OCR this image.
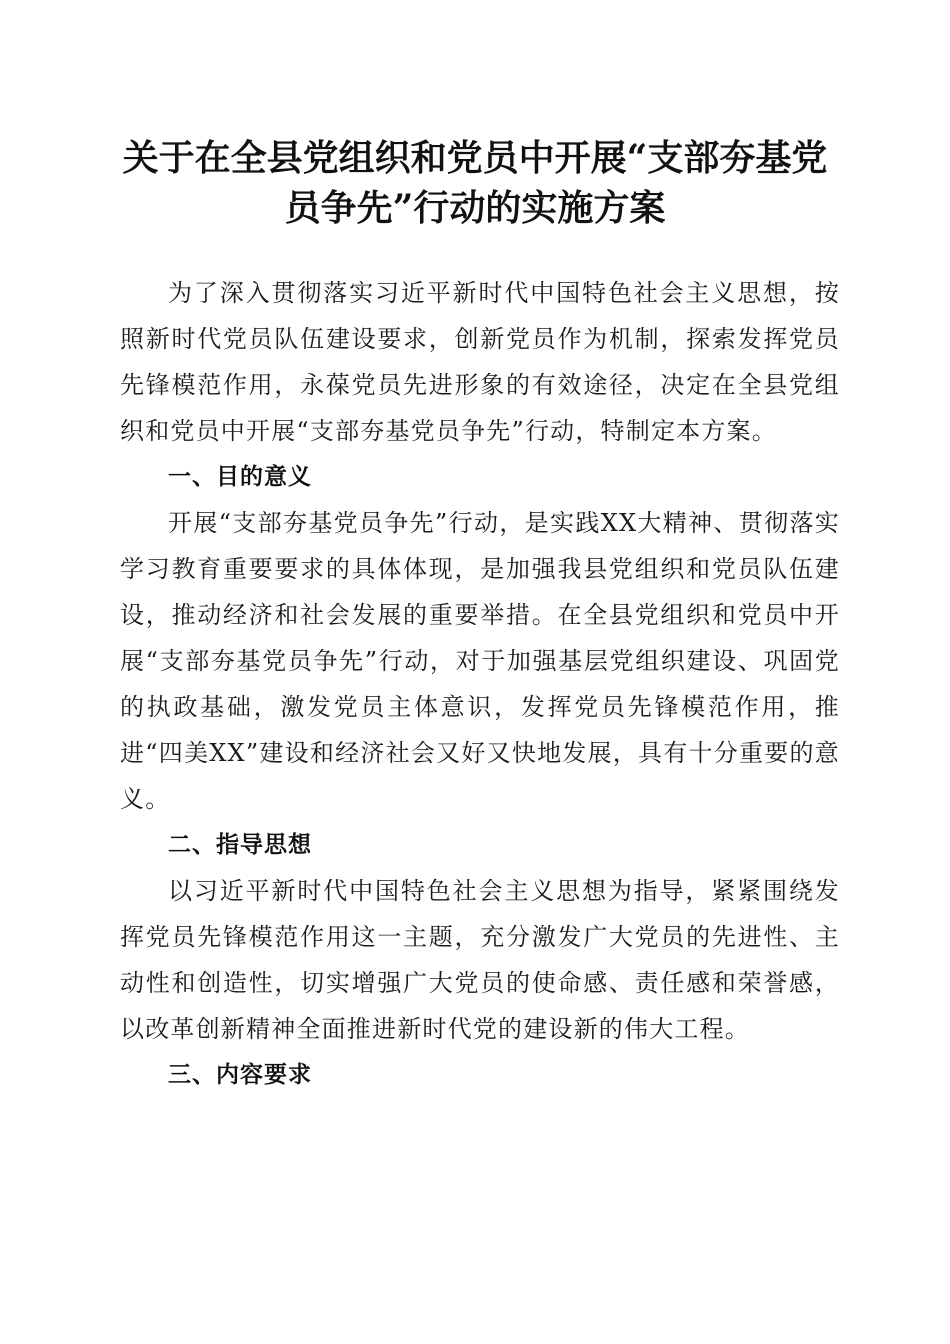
关于在全县党组织和党员中开展“支部夯基党
员争先”行动的实施方案

为了深入贯彻落实习近平新时代中国特色社会主义思想，按照新时代党员队伍建设要求，创新党员作为机制，探索发挥党员先锋模范作用，永葆党员先进形象的有效途径，决定在全县党组织和党员中开展“支部夯基党员争先”行动，特制定本方案。

一、目的意义

开展“支部夯基党员争先”行动，是实践XX大精神、贯彻落实学习教育重要要求的具体体现，是加强我县党组织和党员队伍建设，推动经济和社会发展的重要举措。在全县党组织和党员中开展“支部夯基党员争先”行动，对于加强基层党组织建设、巩固党的执政基础，激发党员主体意识，发挥党员先锋模范作用，推进“四美XX”建设和经济社会又好又快地发展，具有十分重要的意义。

二、指导思想

以习近平新时代中国特色社会主义思想为指导，紧紧围绕发挥党员先锋模范作用这一主题，充分激发广大党员的先进性、主动性和创造性，切实增强广大党员的使命感、责任感和荣誉感，以改革创新精神全面推进新时代党的建设新的伟大工程。

三、内容要求
